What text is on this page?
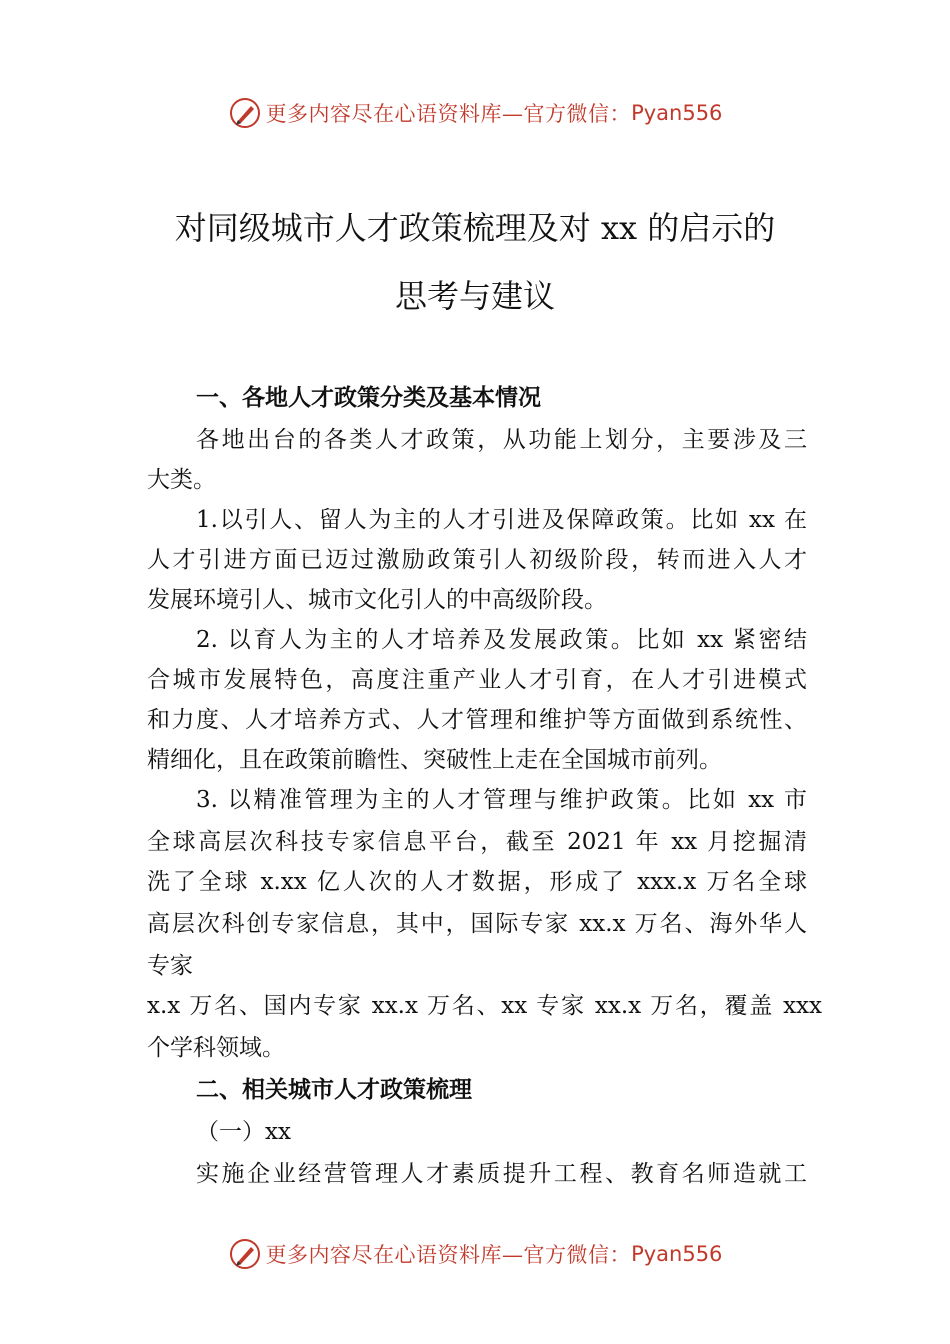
更多内容尽在心语资料库—官方微信： Pyan556
对同级城市人才政策梳理及对 xx 的启示的
思考与建议
一、各地人才政策分类及基本情况
各地出台的各类人才政策，从功能上划分，主要涉及三
大类。
1.以引人、留人为主的人才引进及保障政策。比如 xx 在
人才引进方面已迈过激励政策引人初级阶段，转而进入人才
发展环境引人、城市文化引人的中高级阶段。
2. 以育人为主的人才培养及发展政策。比如 xx 紧密结
合城市发展特色，高度注重产业人才引育，在人才引进模式
和力度、人才培养方式、人才管理和维护等方面做到系统性、
精细化，且在政策前瞻性、突破性上走在全国城市前列。
3. 以精准管理为主的人才管理与维护政策。比如 xx 市
全球高层次科技专家信息平台，截至 2021 年 xx 月挖掘清
洗了全球 x.xx 亿人次的人才数据，形成了 xxx.x 万名全球
高层次科创专家信息，其中，国际专家 xx.x 万名、海外华人
专家
x.x 万名、国内专家 xx.x 万名、xx 专家 xx.x 万名，覆盖 xxx
个学科领域。
二、相关城市人才政策梳理
（一）xx
实施企业经营管理人才素质提升工程、教育名师造就工
更多内容尽在心语资料库—官方微信： Pyan556
